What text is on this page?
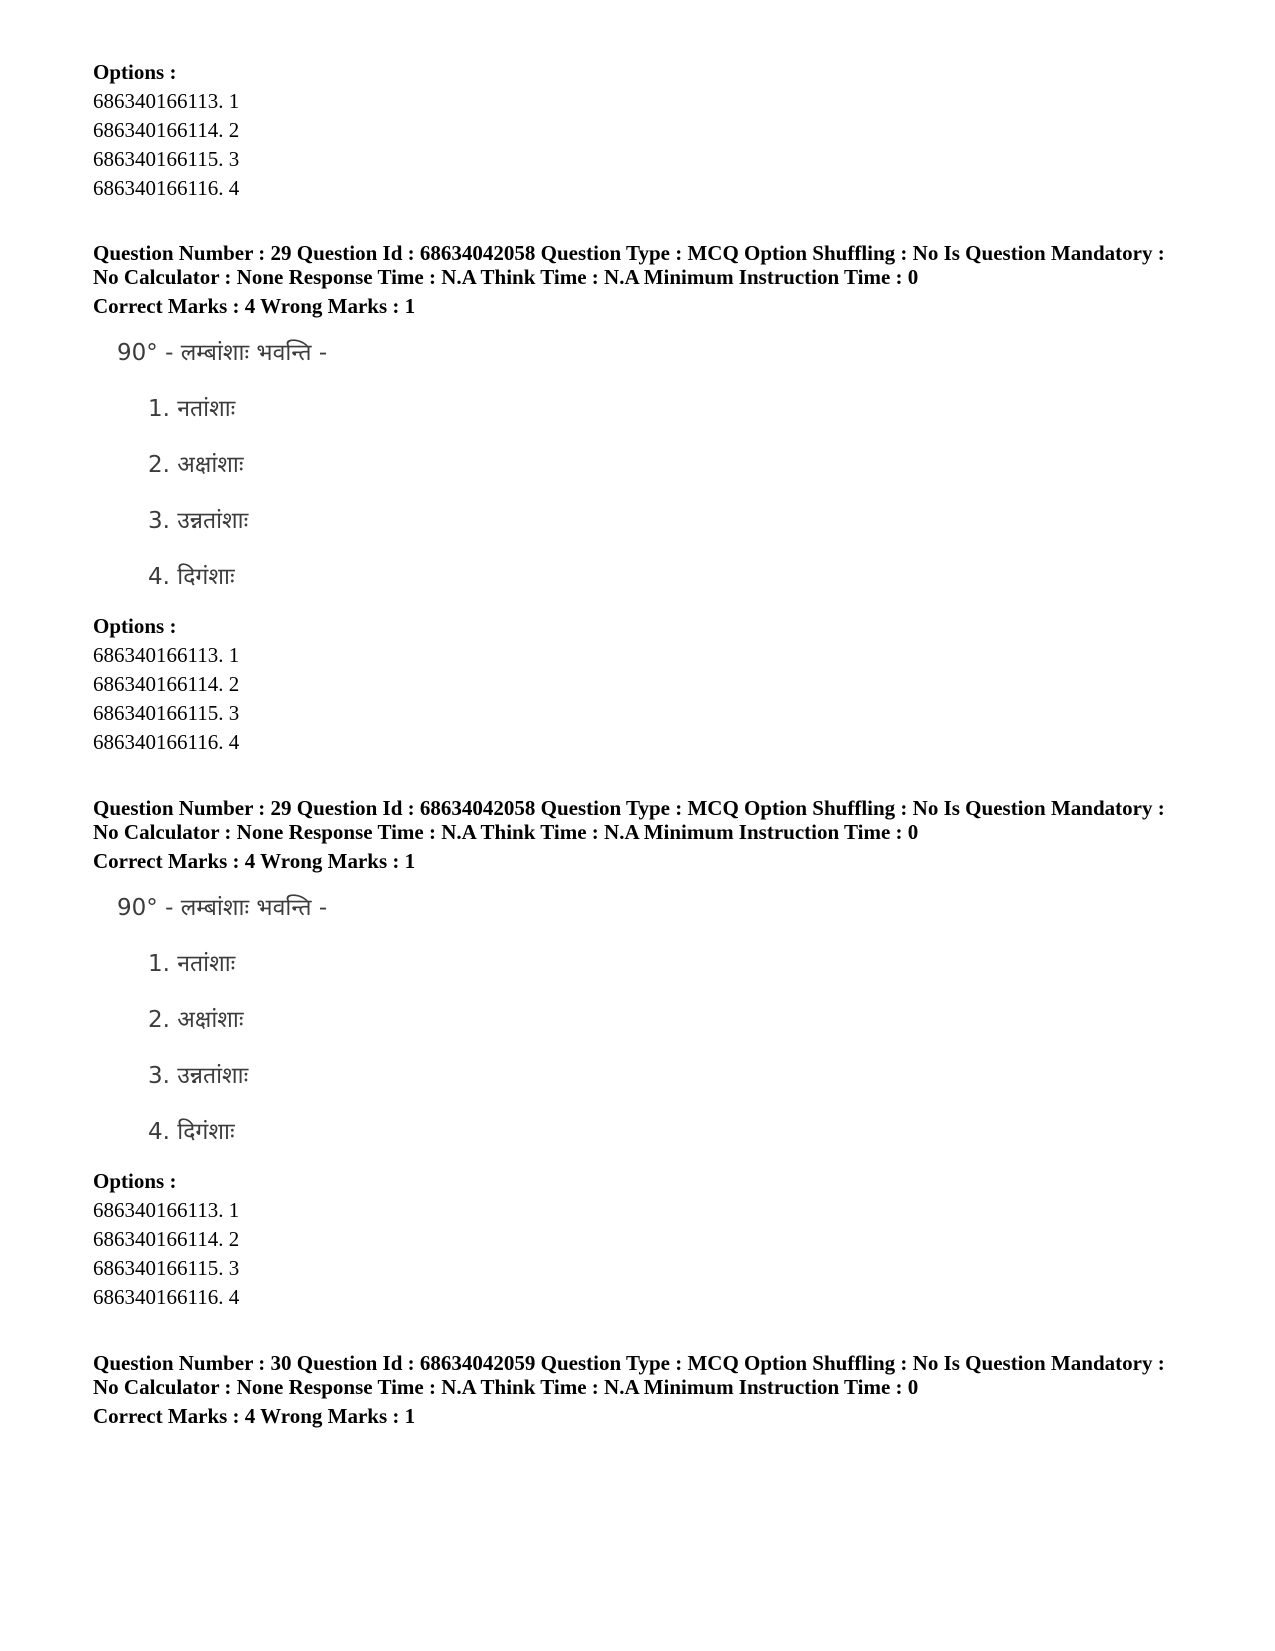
Options :
686340166113. 1
686340166114. 2
686340166115. 3
686340166116. 4
Question Number : 29 Question Id : 68634042058 Question Type : MCQ Option Shuffling : No Is Question Mandatory :
No Calculator : None Response Time : N.A Think Time : N.A Minimum Instruction Time : 0
Correct Marks : 4 Wrong Marks : 1
90° - लम्बांशाः भवन्ति -
1. नतांशाः
2. अक्षांशाः
3. उन्नतांशाः
4. दिगंशाः
Options :
686340166113. 1
686340166114. 2
686340166115. 3
686340166116. 4
Question Number : 29 Question Id : 68634042058 Question Type : MCQ Option Shuffling : No Is Question Mandatory :
No Calculator : None Response Time : N.A Think Time : N.A Minimum Instruction Time : 0
Correct Marks : 4 Wrong Marks : 1
90° - लम्बांशाः भवन्ति -
1. नतांशाः
2. अक्षांशाः
3. उन्नतांशाः
4. दिगंशाः
Options :
686340166113. 1
686340166114. 2
686340166115. 3
686340166116. 4
Question Number : 30 Question Id : 68634042059 Question Type : MCQ Option Shuffling : No Is Question Mandatory :
No Calculator : None Response Time : N.A Think Time : N.A Minimum Instruction Time : 0
Correct Marks : 4 Wrong Marks : 1
